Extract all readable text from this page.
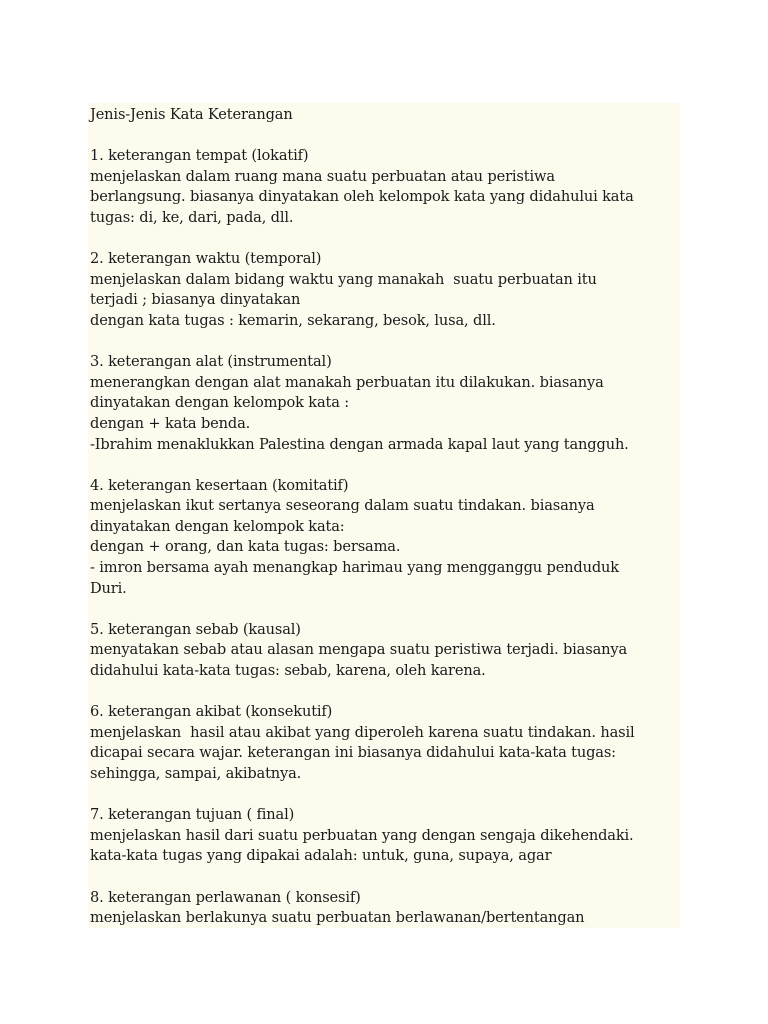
Jenis-Jenis Kata Keterangan
1. keterangan tempat (lokatif)
menjelaskan dalam ruang mana suatu perbuatan atau peristiwa
berlangsung. biasanya dinyatakan oleh kelompok kata yang didahului kata
tugas: di, ke, dari, pada, dll.
2. keterangan waktu (temporal)
menjelaskan dalam bidang waktu yang manakah  suatu perbuatan itu
terjadi ; biasanya dinyatakan
dengan kata tugas : kemarin, sekarang, besok, lusa, dll.
3. keterangan alat (instrumental)
menerangkan dengan alat manakah perbuatan itu dilakukan. biasanya
dinyatakan dengan kelompok kata :
dengan + kata benda.
-Ibrahim menaklukkan Palestina dengan armada kapal laut yang tangguh.
4. keterangan kesertaan (komitatif)
menjelaskan ikut sertanya seseorang dalam suatu tindakan. biasanya
dinyatakan dengan kelompok kata:
dengan + orang, dan kata tugas: bersama.
- imron bersama ayah menangkap harimau yang mengganggu penduduk
Duri.
5. keterangan sebab (kausal)
menyatakan sebab atau alasan mengapa suatu peristiwa terjadi. biasanya
didahului kata-kata tugas: sebab, karena, oleh karena.
6. keterangan akibat (konsekutif)
menjelaskan  hasil atau akibat yang diperoleh karena suatu tindakan. hasil
dicapai secara wajar. keterangan ini biasanya didahului kata-kata tugas:
sehingga, sampai, akibatnya.
7. keterangan tujuan ( final)
menjelaskan hasil dari suatu perbuatan yang dengan sengaja dikehendaki.
kata-kata tugas yang dipakai adalah: untuk, guna, supaya, agar
8. keterangan perlawanan ( konsesif)
menjelaskan berlakunya suatu perbuatan berlawanan/bertentangan
